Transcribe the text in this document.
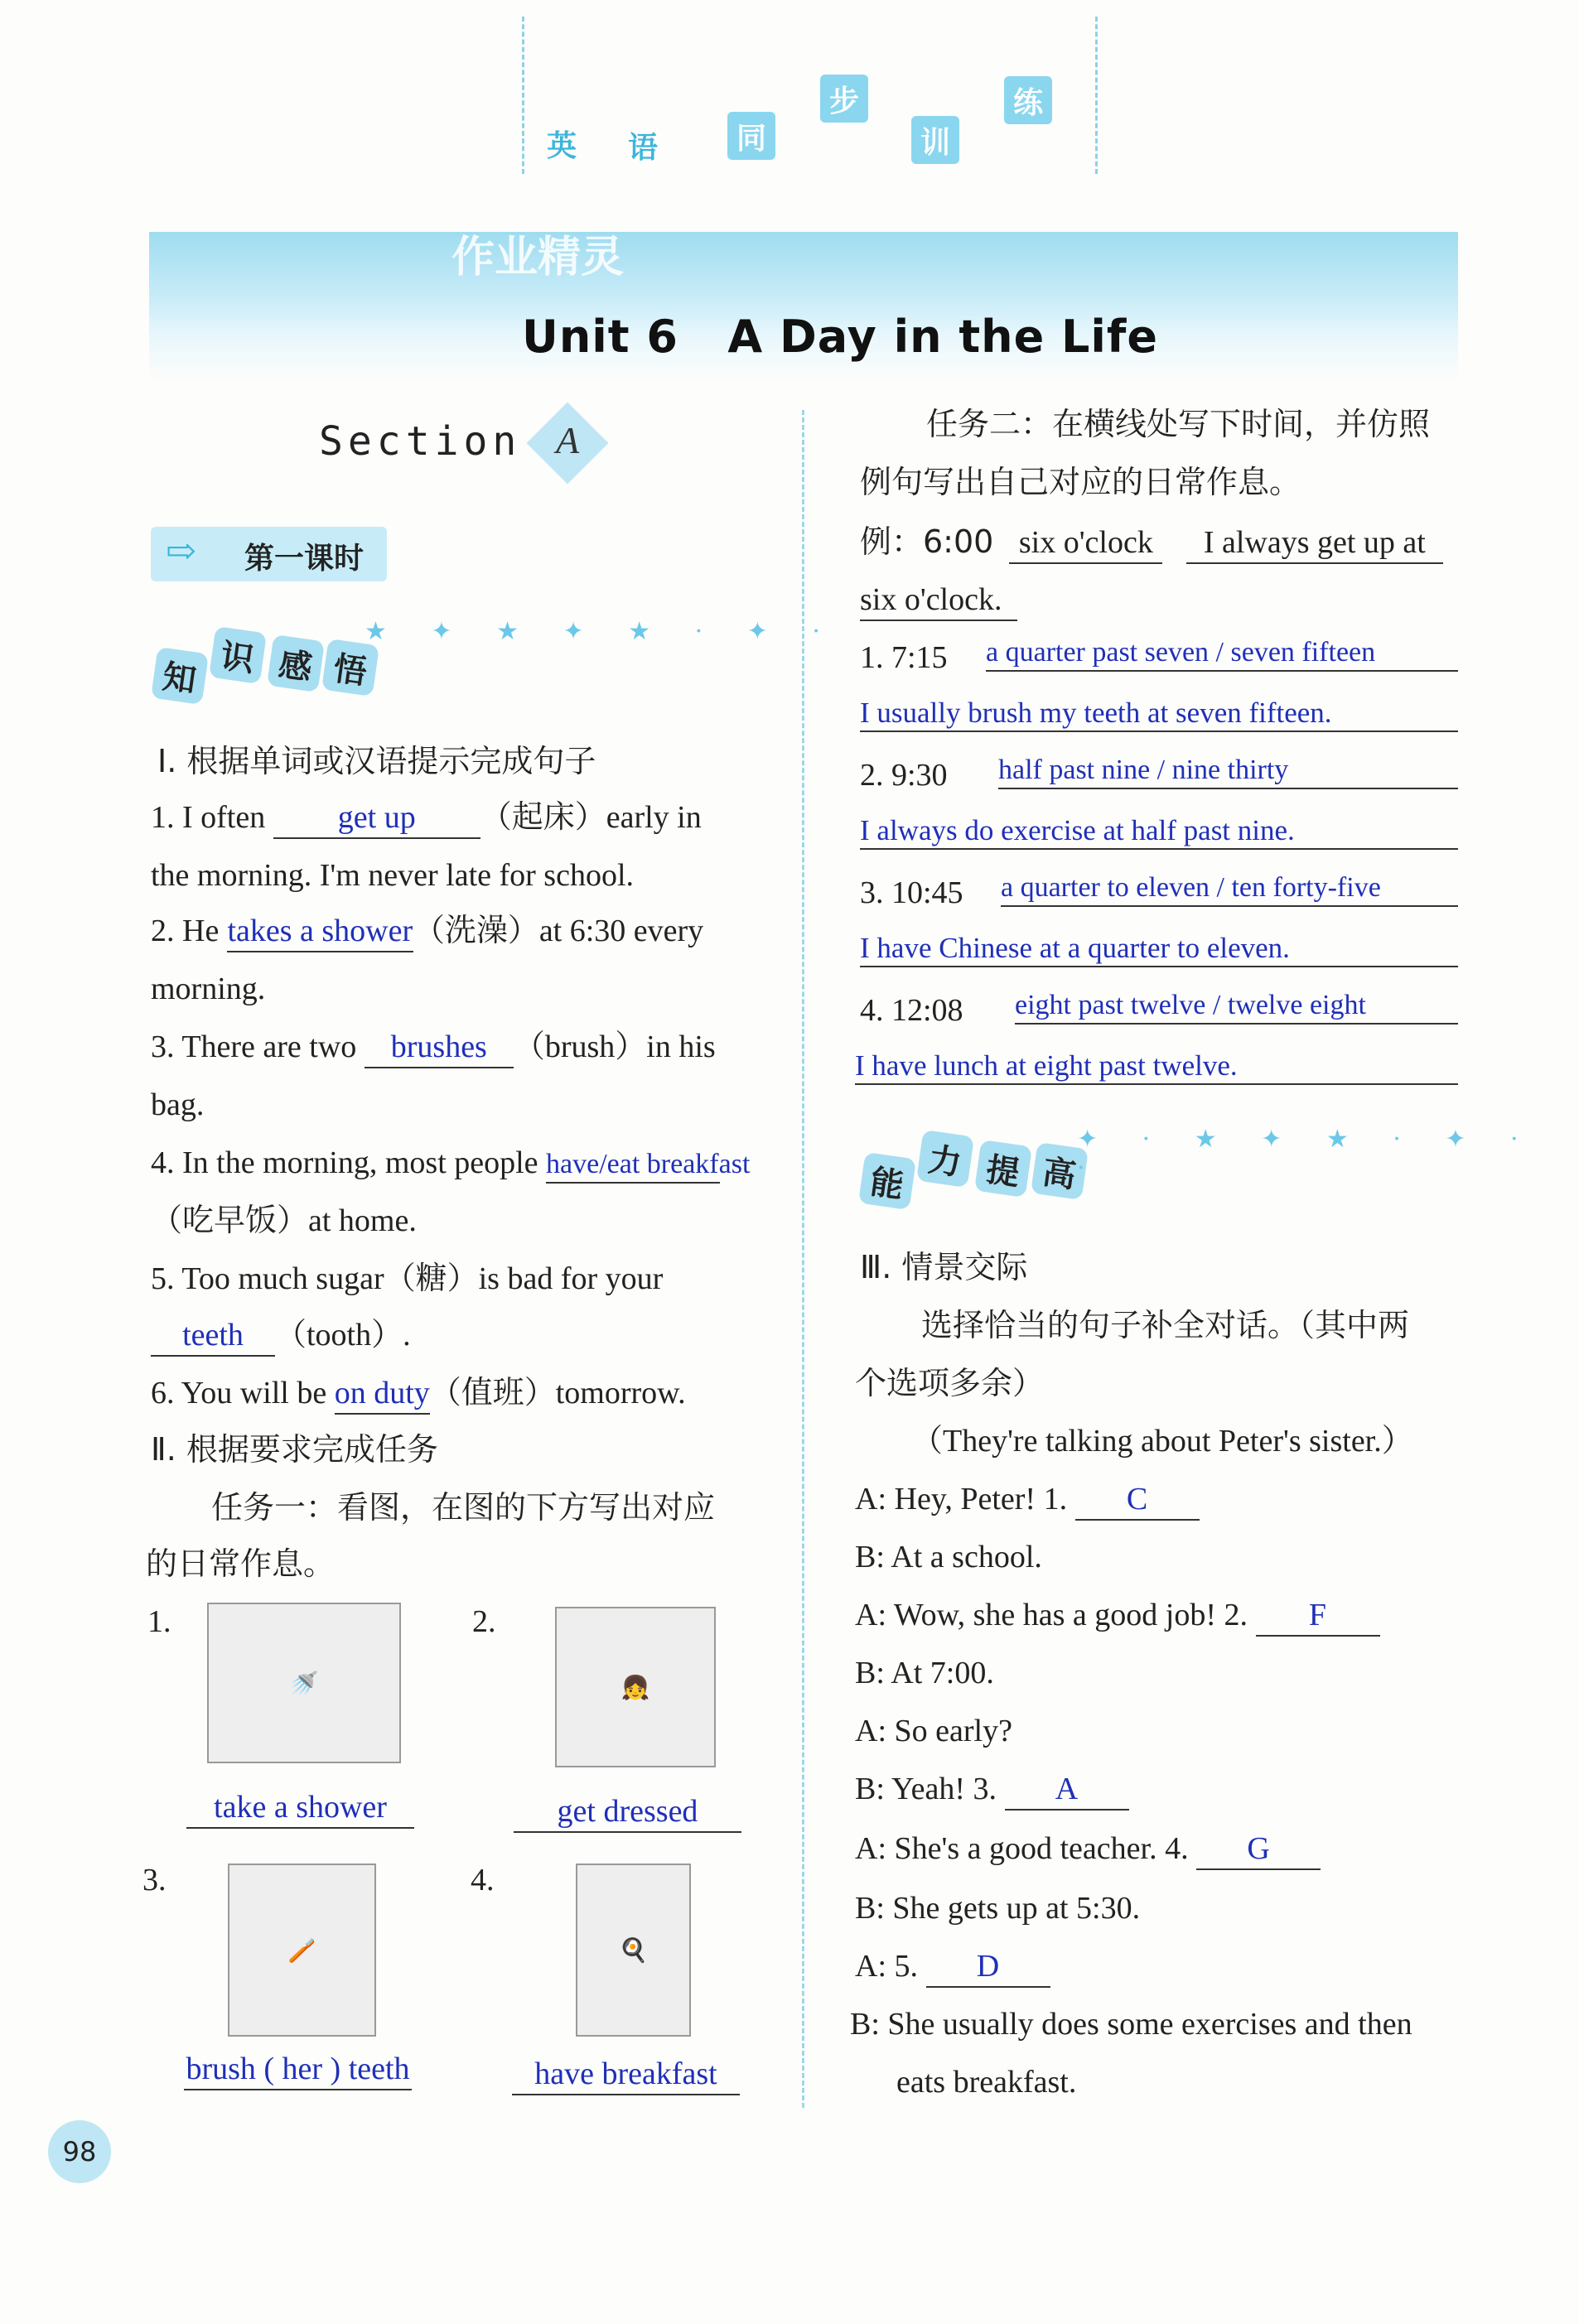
英 语	同
步
训
练
作业精灵
Unit 6   A Day in the Life
Section A
⇨ 第一课时
知 识 感 悟
★ ✦ ★ ✦ ★ · ✦ ·
Ⅰ. 根据单词或汉语提示完成句子
1. I often get up （起床）early in
the morning. I'm never late for school.
2. He takes a shower（洗澡）at 6:30 every
morning.
3. There are two brushes （brush）in his
bag.
4. In the morning, most people have/eat breakfast
（吃早饭）at home.
5. Too much sugar（糖）is bad for your
teeth （tooth）.
6. You will be on duty（值班）tomorrow.
Ⅱ. 根据要求完成任务
任务一：看图，在图的下方写出对应
的日常作息。
1.
🚿
take a shower
2.
👧
get dressed
3.
🪥
brush ( her ) teeth
4.
🍳
have breakfast
任务二：在横线处写下时间，并仿照
例句写出自己对应的日常作息。
例：6:00 six o'clock I always get up at
six o'clock.
1. 7:15 a quarter past seven / seven fifteen
I usually brush my teeth at seven fifteen.
2. 9:30 half past nine / nine thirty
I always do exercise at half past nine.
3. 10:45 a quarter to eleven / ten forty-five
I have Chinese at a quarter to eleven.
4. 12:08 eight past twelve / twelve eight
I have lunch at eight past twelve.
能
力 提 高
✦ · ★ ✦ ★ · ✦ · ·
Ⅲ. 情景交际
选择恰当的句子补全对话。（其中两
个选项多余）
（They're talking about Peter's sister.）
A: Hey, Peter! 1. C
B: At a school.
A: Wow, she has a good job! 2. F
B: At 7:00.
A: So early?
B: Yeah! 3. A
A: She's a good teacher. 4. G
B: She gets up at 5:30.
A: 5. D
B: She usually does some exercises and then
eats breakfast.
98
